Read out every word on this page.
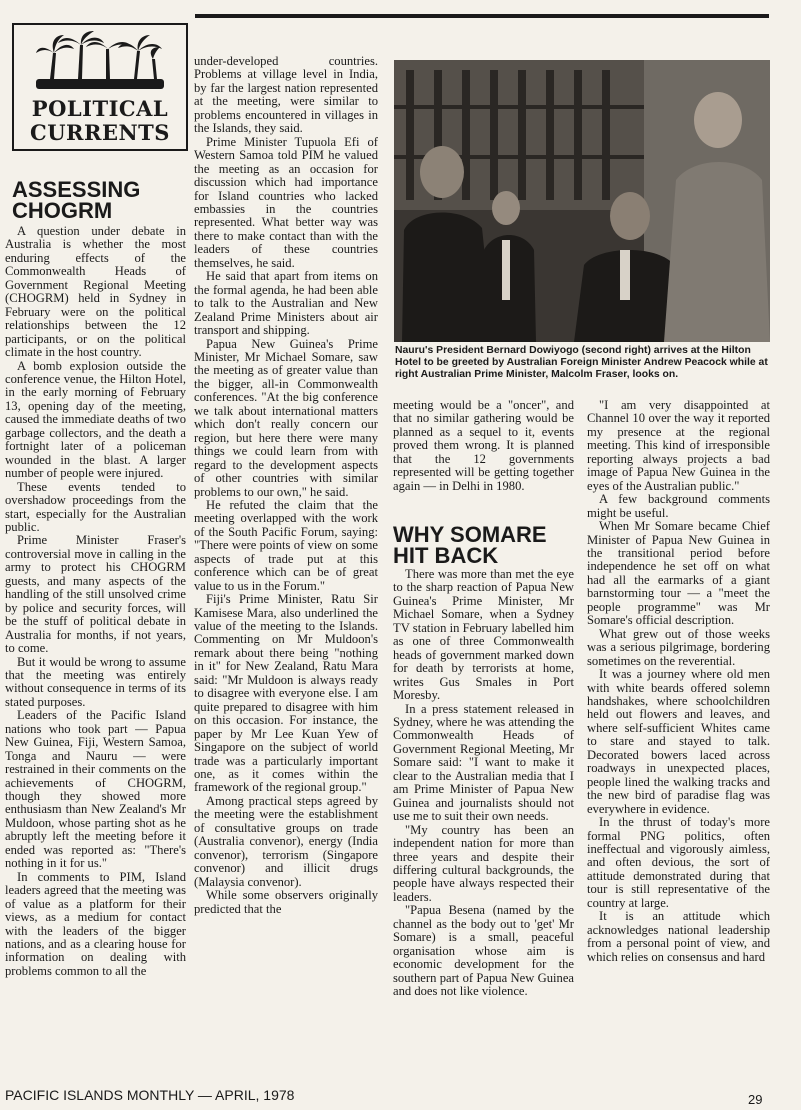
POLITICAL
CURRENTS
ASSESSING
CHOGRM

A question under debate in Australia is whether the most enduring effects of the Commonwealth Heads of Government Regional Meeting (CHOGRM) held in Sydney in February were on the political relationships between the 12 participants, or on the political climate in the host country.

A bomb explosion outside the conference venue, the Hilton Hotel, in the early morning of February 13, opening day of the meeting, caused the immediate deaths of two garbage collectors, and the death a fortnight later of a policeman wounded in the blast. A larger number of people were injured.

These events tended to overshadow proceedings from the start, especially for the Australian public.

Prime Minister Fraser's controversial move in calling in the army to protect his CHOGRM guests, and many aspects of the handling of the still unsolved crime by police and security forces, will be the stuff of political debate in Australia for months, if not years, to come.

But it would be wrong to assume that the meeting was entirely without consequence in terms of its stated purposes.

Leaders of the Pacific Island nations who took part — Papua New Guinea, Fiji, Western Samoa, Tonga and Nauru — were restrained in their comments on the achievements of CHOGRM, though they showed more enthusiasm than New Zealand's Mr Muldoon, whose parting shot as he abruptly left the meeting before it ended was reported as: "There's nothing in it for us."

In comments to PIM, Island leaders agreed that the meeting was of value as a platform for their views, as a medium for contact with the leaders of the bigger nations, and as a clearing house for information on dealing with problems common to all the

under-developed countries. Problems at village level in India, by far the largest nation represented at the meeting, were similar to problems encountered in villages in the Islands, they said.

Prime Minister Tupuola Efi of Western Samoa told PIM he valued the meeting as an occasion for discussion which had importance for Island countries who lacked embassies in the countries represented. What better way was there to make contact than with the leaders of these countries themselves, he said.

He said that apart from items on the formal agenda, he had been able to talk to the Australian and New Zealand Prime Ministers about air transport and shipping.

Papua New Guinea's Prime Minister, Mr Michael Somare, saw the meeting as of greater value than the bigger, all-in Commonwealth conferences. "At the big conference we talk about international matters which don't really concern our region, but here there were many things we could learn from with regard to the development aspects of other countries with similar problems to our own," he said.

He refuted the claim that the meeting overlapped with the work of the South Pacific Forum, saying: "There were points of view on some aspects of trade put at this conference which can be of great value to us in the Forum."

Fiji's Prime Minister, Ratu Sir Kamisese Mara, also underlined the value of the meeting to the Islands. Commenting on Mr Muldoon's remark about there being "nothing in it" for New Zealand, Ratu Mara said: "Mr Muldoon is always ready to disagree with everyone else. I am quite prepared to disagree with him on this occasion. For instance, the paper by Mr Lee Kuan Yew of Singapore on the subject of world trade was a particularly important one, as it comes within the framework of the regional group."

Among practical steps agreed by the meeting were the establishment of consultative groups on trade (Australia convenor), energy (India convenor), terrorism (Singapore convenor) and illicit drugs (Malaysia convenor).

While some observers originally predicted that the

Nauru's President Bernard Dowiyogo (second right) arrives at the Hilton Hotel to be greeted by Australian Foreign Minister Andrew Peacock while at right Australian Prime Minister, Malcolm Fraser, looks on.

meeting would be a "oncer", and that no similar gathering would be planned as a sequel to it, events proved them wrong. It is planned that the 12 governments represented will be getting together again — in Delhi in 1980.

WHY SOMARE
HIT BACK

There was more than met the eye to the sharp reaction of Papua New Guinea's Prime Minister, Mr Michael Somare, when a Sydney TV station in February labelled him as one of three Commonwealth heads of government marked down for death by terrorists at home, writes Gus Smales in Port Moresby.

In a press statement released in Sydney, where he was attending the Commonwealth Heads of Government Regional Meeting, Mr Somare said: "I want to make it clear to the Australian media that I am Prime Minister of Papua New Guinea and journalists should not use me to suit their own needs.

"My country has been an independent nation for more than three years and despite their differing cultural backgrounds, the people have always respected their leaders.

"Papua Besena (named by the channel as the body out to 'get' Mr Somare) is a small, peaceful organisation whose aim is economic development for the southern part of Papua New Guinea and does not like violence.

"I am very disappointed at Channel 10 over the way it reported my presence at the regional meeting. This kind of irresponsible reporting always projects a bad image of Papua New Guinea in the eyes of the Australian public."

A few background comments might be useful.

When Mr Somare became Chief Minister of Papua New Guinea in the transitional period before independence he set off on what had all the earmarks of a giant barnstorming tour — a "meet the people programme" was Mr Somare's official description.

What grew out of those weeks was a serious pilgrimage, bordering sometimes on the reverential.

It was a journey where old men with white beards offered solemn handshakes, where schoolchildren held out flowers and leaves, and where self-sufficient Whites came to stare and stayed to talk. Decorated bowers laced across roadways in unexpected places, people lined the walking tracks and the new bird of paradise flag was everywhere in evidence.

In the thrust of today's more formal PNG politics, often ineffectual and vigorously aimless, and often devious, the sort of attitude demonstrated during that tour is still representative of the country at large.

It is an attitude which acknowledges national leadership from a personal point of view, and which relies on consensus and hard

PACIFIC ISLANDS MONTHLY — APRIL, 1978	29
